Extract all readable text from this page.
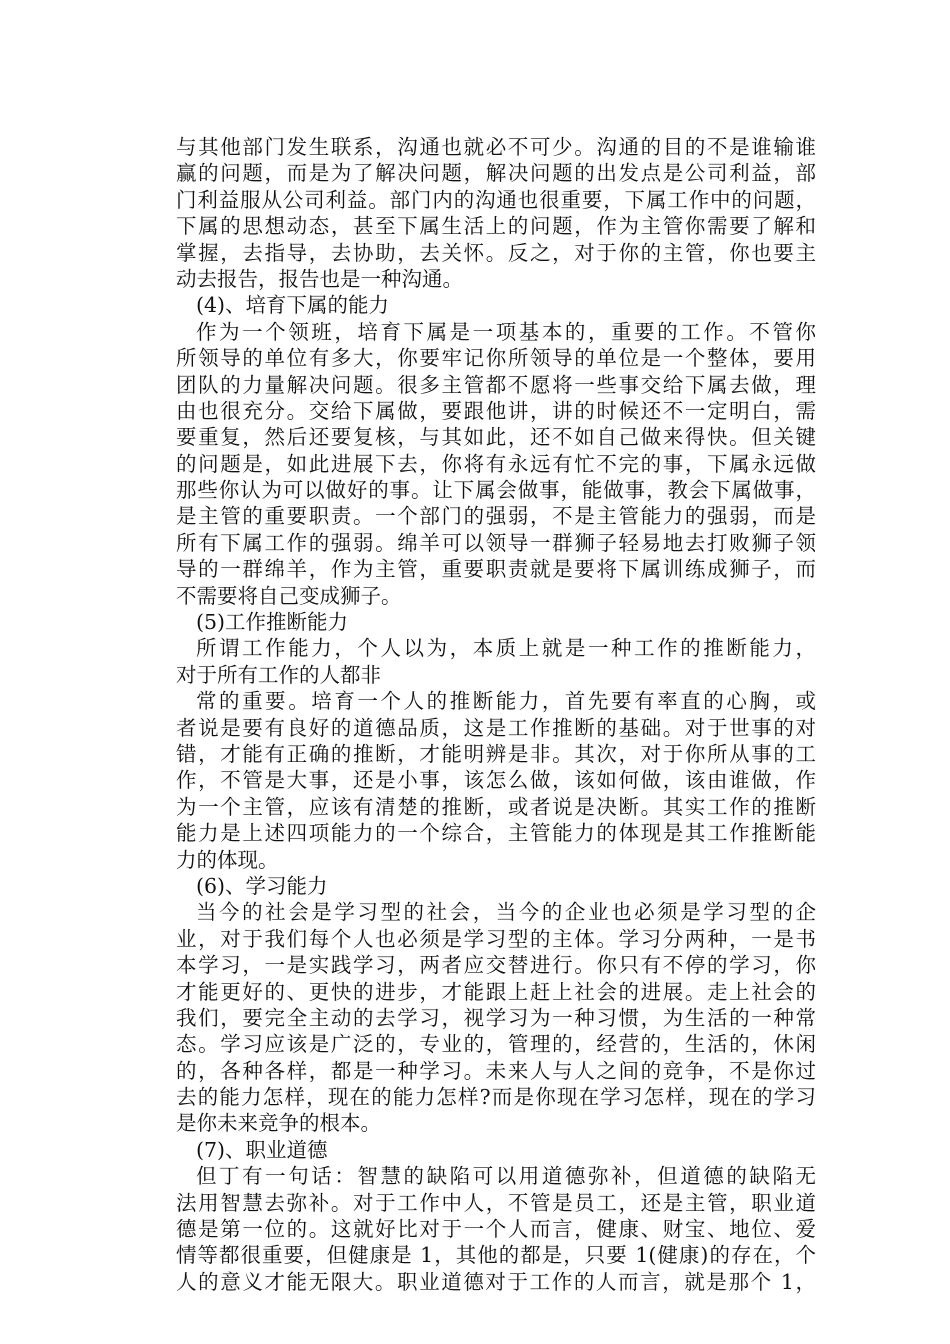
与其他部门发生联系，沟通也就必不可少。沟通的目的不是谁输谁
赢的问题，而是为了解决问题，解决问题的出发点是公司利益，部
门利益服从公司利益。部门内的沟通也很重要，下属工作中的问题，
下属的思想动态，甚至下属生活上的问题，作为主管你需要了解和
掌握，去指导，去协助，去关怀。反之，对于你的主管，你也要主
动去报告，报告也是一种沟通。
(4)、培育下属的能力
作为一个领班，培育下属是一项基本的，重要的工作。不管你
所领导的单位有多大，你要牢记你所领导的单位是一个整体，要用
团队的力量解决问题。很多主管都不愿将一些事交给下属去做，理
由也很充分。交给下属做，要跟他讲，讲的时候还不一定明白，需
要重复，然后还要复核，与其如此，还不如自己做来得快。但关键
的问题是，如此进展下去，你将有永远有忙不完的事，下属永远做
那些你认为可以做好的事。让下属会做事，能做事，教会下属做事，
是主管的重要职责。一个部门的强弱，不是主管能力的强弱，而是
所有下属工作的强弱。绵羊可以领导一群狮子轻易地去打败狮子领
导的一群绵羊，作为主管，重要职责就是要将下属训练成狮子，而
不需要将自己变成狮子。
(5)工作推断能力
所谓工作能力，个人以为，本质上就是一种工作的推断能力，
对于所有工作的人都非
常的重要。培育一个人的推断能力，首先要有率直的心胸，或
者说是要有良好的道德品质，这是工作推断的基础。对于世事的对
错，才能有正确的推断，才能明辨是非。其次，对于你所从事的工
作，不管是大事，还是小事，该怎么做，该如何做，该由谁做，作
为一个主管，应该有清楚的推断，或者说是决断。其实工作的推断
能力是上述四项能力的一个综合，主管能力的体现是其工作推断能
力的体现。
(6)、学习能力
当今的社会是学习型的社会，当今的企业也必须是学习型的企
业，对于我们每个人也必须是学习型的主体。学习分两种，一是书
本学习，一是实践学习，两者应交替进行。你只有不停的学习，你
才能更好的、更快的进步，才能跟上赶上社会的进展。走上社会的
我们，要完全主动的去学习，视学习为一种习惯，为生活的一种常
态。学习应该是广泛的，专业的，管理的，经营的，生活的，休闲
的，各种各样，都是一种学习。未来人与人之间的竞争，不是你过
去的能力怎样，现在的能力怎样?而是你现在学习怎样，现在的学习
是你未来竞争的根本。
(7)、职业道德
但丁有一句话：智慧的缺陷可以用道德弥补，但道德的缺陷无
法用智慧去弥补。对于工作中人，不管是员工，还是主管，职业道
德是第一位的。这就好比对于一个人而言，健康、财宝、地位、爱
情等都很重要，但健康是 1，其他的都是，只要 1(健康)的存在，个
人的意义才能无限大。职业道德对于工作的人而言，就是那个 1，
